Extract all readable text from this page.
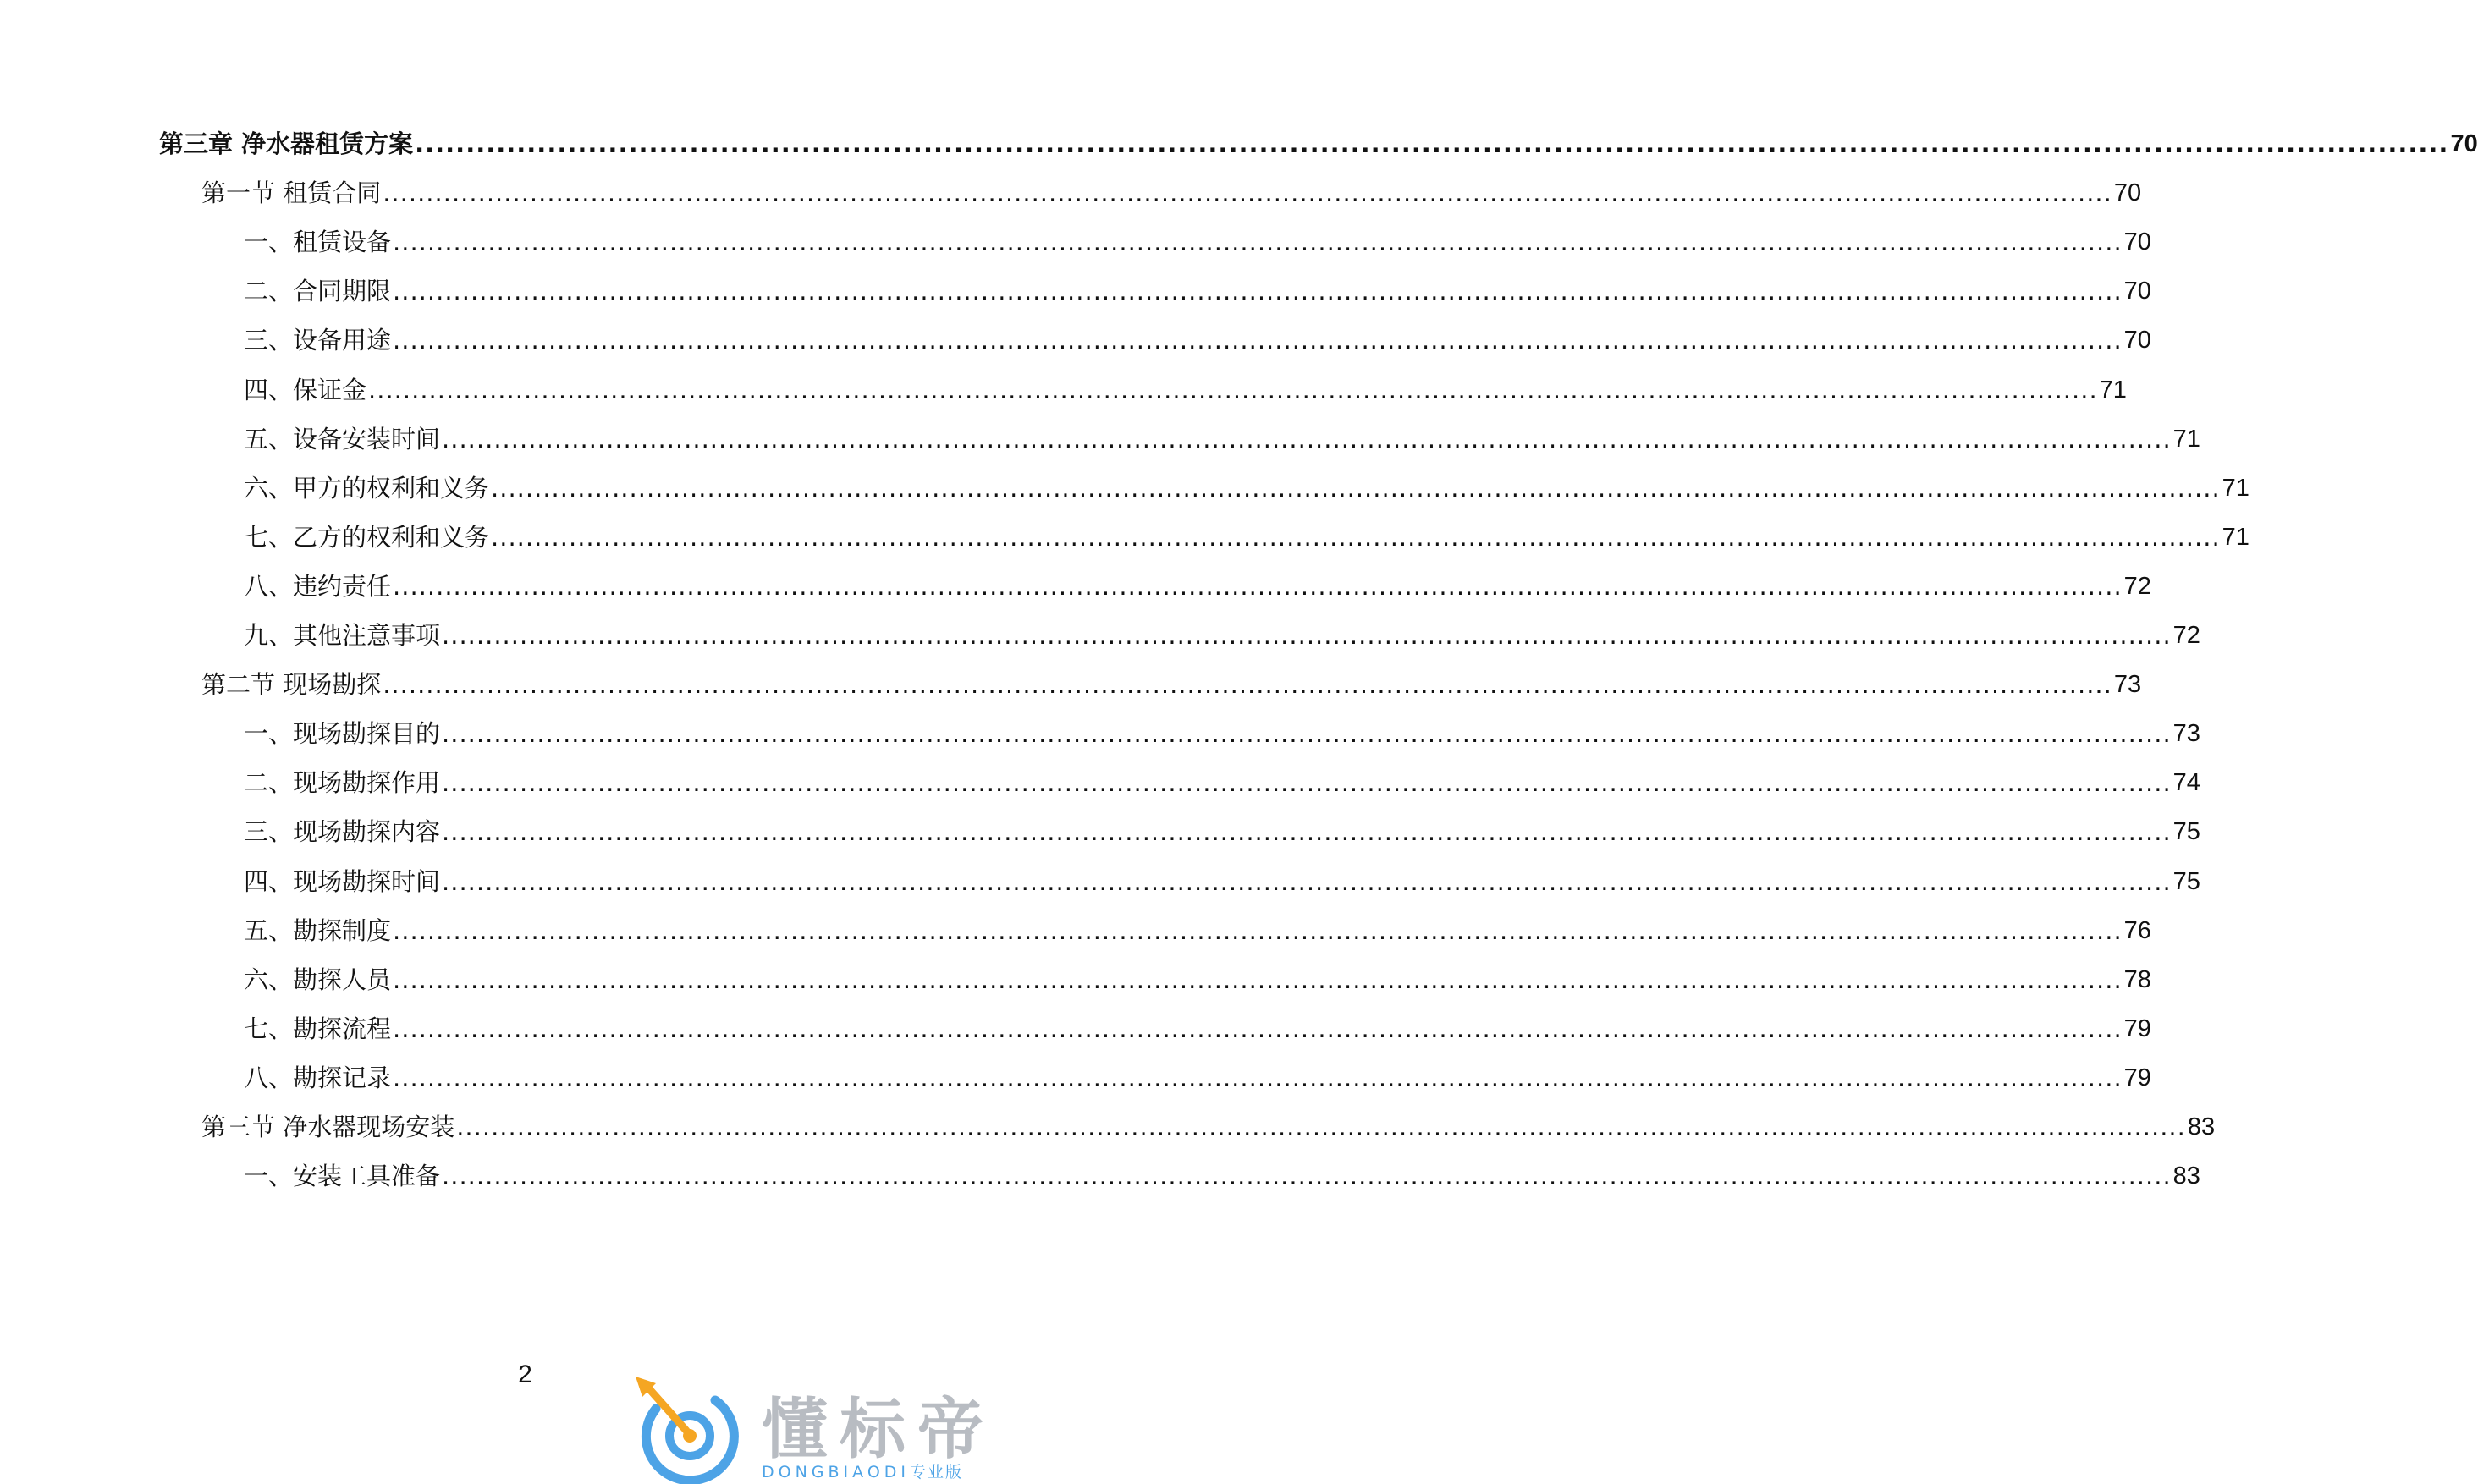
第三章 净水器租赁方案 ........................................................................................................................................................................................................ 70
第一节 租赁合同 ........................................................................................................................................................................................................ 70
一、租赁设备 ........................................................................................................................................................................................................ 70
二、合同期限 ........................................................................................................................................................................................................ 70
三、设备用途 ........................................................................................................................................................................................................ 70
四、保证金 ........................................................................................................................................................................................................ 71
五、设备安装时间 ........................................................................................................................................................................................................ 71
六、甲方的权利和义务 ........................................................................................................................................................................................................ 71
七、乙方的权利和义务 ........................................................................................................................................................................................................ 71
八、违约责任 ........................................................................................................................................................................................................ 72
九、其他注意事项 ........................................................................................................................................................................................................ 72
第二节 现场勘探 ........................................................................................................................................................................................................ 73
一、现场勘探目的 ........................................................................................................................................................................................................ 73
二、现场勘探作用 ........................................................................................................................................................................................................ 74
三、现场勘探内容 ........................................................................................................................................................................................................ 75
四、现场勘探时间 ........................................................................................................................................................................................................ 75
五、勘探制度 ........................................................................................................................................................................................................ 76
六、勘探人员 ........................................................................................................................................................................................................ 78
七、勘探流程 ........................................................................................................................................................................................................ 79
八、勘探记录 ........................................................................................................................................................................................................ 79
第三节 净水器现场安装 ........................................................................................................................................................................................................ 83
一、安装工具准备 ........................................................................................................................................................................................................ 83
2
懂标帝
DONGBIAODI专业版
